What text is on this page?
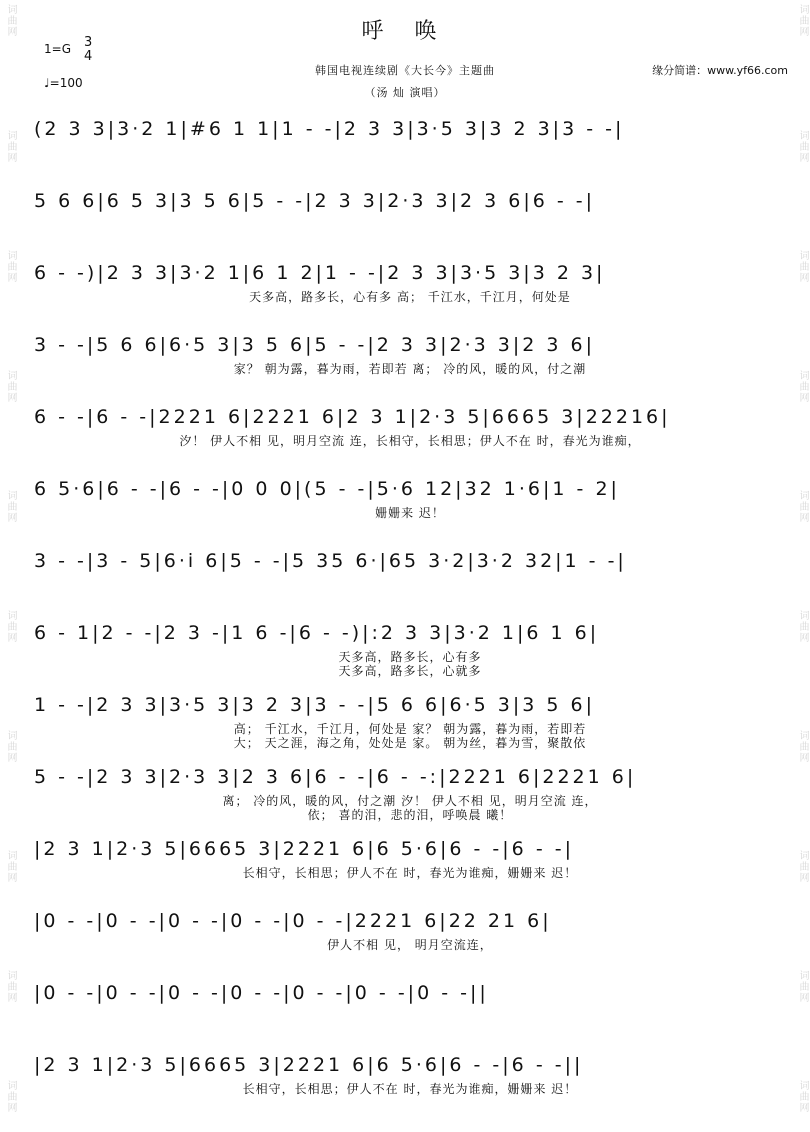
词曲网
词曲网
词曲网
词曲网
词曲网
词曲网
词曲网
词曲网
词曲网
词曲网
词曲网
词曲网
词曲网
词曲网
词曲网
词曲网
词曲网
词曲网
词曲网
词曲网
呼 唤
韩国电视连续剧《大长今》主题曲
（汤 灿 演唱）
缘分简谱：www.yf66.com
1=G 3
4
♩=100
(2 3 3|3·2 1|#6 1 1|1 - -|2 3 3|3·5 3|3 2 3|3 - -|
5 6 6|6 5 3|3 5 6|5 - -|2 3 3|2·3 3|2 3 6|6 - -|
6 - -)|2 3 3|3·2 1|6 1 2|1 - -|2 3 3|3·5 3|3 2 3|
天多高，路多长，心有多 高； 千江水，千江月，何处是
3 - -|5 6 6|6·5 3|3 5 6|5 - -|2 3 3|2·3 3|2 3 6|
家？ 朝为露，暮为雨，若即若 离； 冷的风，暖的风，付之潮
6 - -|6 - -|2221 6|2221 6|2 3 1|2·3 5|6665 3|22216|
汐！ 伊人不相 见，明月空流 连，长相守，长相思；伊人不在 时，春光为谁痴，
6 5·6|6 - -|6 - -|0 0 0|(5 - -|5·6 12|32 1·6|1 - 2|
姗姗来 迟！
3 - -|3 - 5|6·i 6|5 - -|5 35 6·|65 3·2|3·2 32|1 - -|
6 - 1|2 - -|2 3 -|1 6 -|6 - -)|:2 3 3|3·2 1|6 1 6|
天多高，路多长，心有多
天多高，路多长，心就多
1 - -|2 3 3|3·5 3|3 2 3|3 - -|5 6 6|6·5 3|3 5 6|
高； 千江水，千江月，何处是 家？ 朝为露，暮为雨，若即若
大； 天之涯，海之角，处处是 家。 朝为丝，暮为雪，聚散依
5 - -|2 3 3|2·3 3|2 3 6|6 - -|6 - -:|2221 6|2221 6|
离； 冷的风，暖的风，付之潮 汐！ 伊人不相 见，明月空流 连，
依； 喜的泪，悲的泪，呼唤晨 曦！
|2 3 1|2·3 5|6665 3|2221 6|6 5·6|6 - -|6 - -|
长相守，长相思；伊人不在 时，春光为谁痴，姗姗来 迟！
|0 - -|0 - -|0 - -|0 - -|0 - -|2221 6|22 21 6|
伊人不相 见， 明月空流连，
|0 - -|0 - -|0 - -|0 - -|0 - -|0 - -|0 - -||
|2 3 1|2·3 5|6665 3|2221 6|6 5·6|6 - -|6 - -||
长相守，长相思；伊人不在 时，春光为谁痴，姗姗来 迟！
